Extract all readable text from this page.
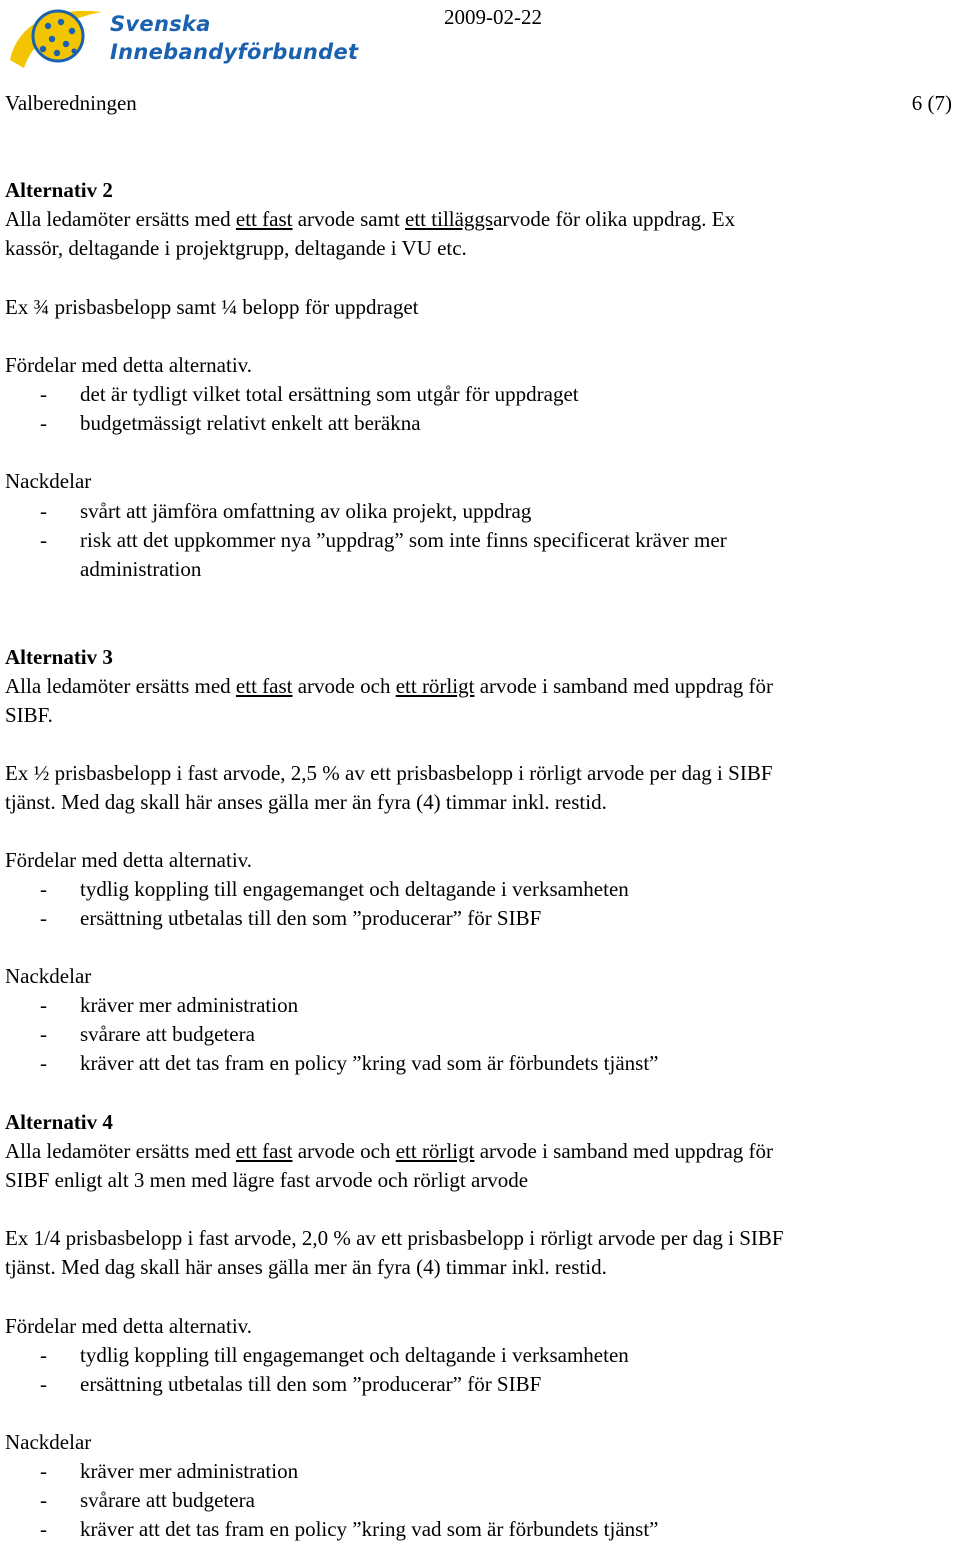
Svenska
Innebandyförbundet
2009-02-22
Valberedningen	6 (7)
Alternativ 2
Alla ledamöter ersätts med ett fast arvode samt ett tilläggsarvode för olika uppdrag. Ex
kassör, deltagande i projektgrupp, deltagande i VU etc.
Ex ¾ prisbasbelopp samt ¼ belopp för uppdraget
Fördelar med detta alternativ.
- det är tydligt vilket total ersättning som utgår för uppdraget
- budgetmässigt relativt enkelt att beräkna
Nackdelar
- svårt att jämföra omfattning av olika projekt, uppdrag
- risk att det uppkommer nya ”uppdrag” som inte finns specificerat kräver mer
administration
Alternativ 3
Alla ledamöter ersätts med ett fast arvode och ett rörligt arvode i samband med uppdrag för
SIBF.
Ex ½ prisbasbelopp i fast arvode, 2,5 % av ett prisbasbelopp i rörligt arvode per dag i SIBF
tjänst. Med dag skall här anses gälla mer än fyra (4) timmar inkl. restid.
Fördelar med detta alternativ.
- tydlig koppling till engagemanget och deltagande i verksamheten
- ersättning utbetalas till den som ”producerar” för SIBF
Nackdelar
- kräver mer administration
- svårare att budgetera
- kräver att det tas fram en policy ”kring vad som är förbundets tjänst”
Alternativ 4
Alla ledamöter ersätts med ett fast arvode och ett rörligt arvode i samband med uppdrag för
SIBF enligt alt 3 men med lägre fast arvode och rörligt arvode
Ex 1/4 prisbasbelopp i fast arvode, 2,0 % av ett prisbasbelopp i rörligt arvode per dag i SIBF
tjänst. Med dag skall här anses gälla mer än fyra (4) timmar inkl. restid.
Fördelar med detta alternativ.
- tydlig koppling till engagemanget och deltagande i verksamheten
- ersättning utbetalas till den som ”producerar” för SIBF
Nackdelar
- kräver mer administration
- svårare att budgetera
- kräver att det tas fram en policy ”kring vad som är förbundets tjänst”
